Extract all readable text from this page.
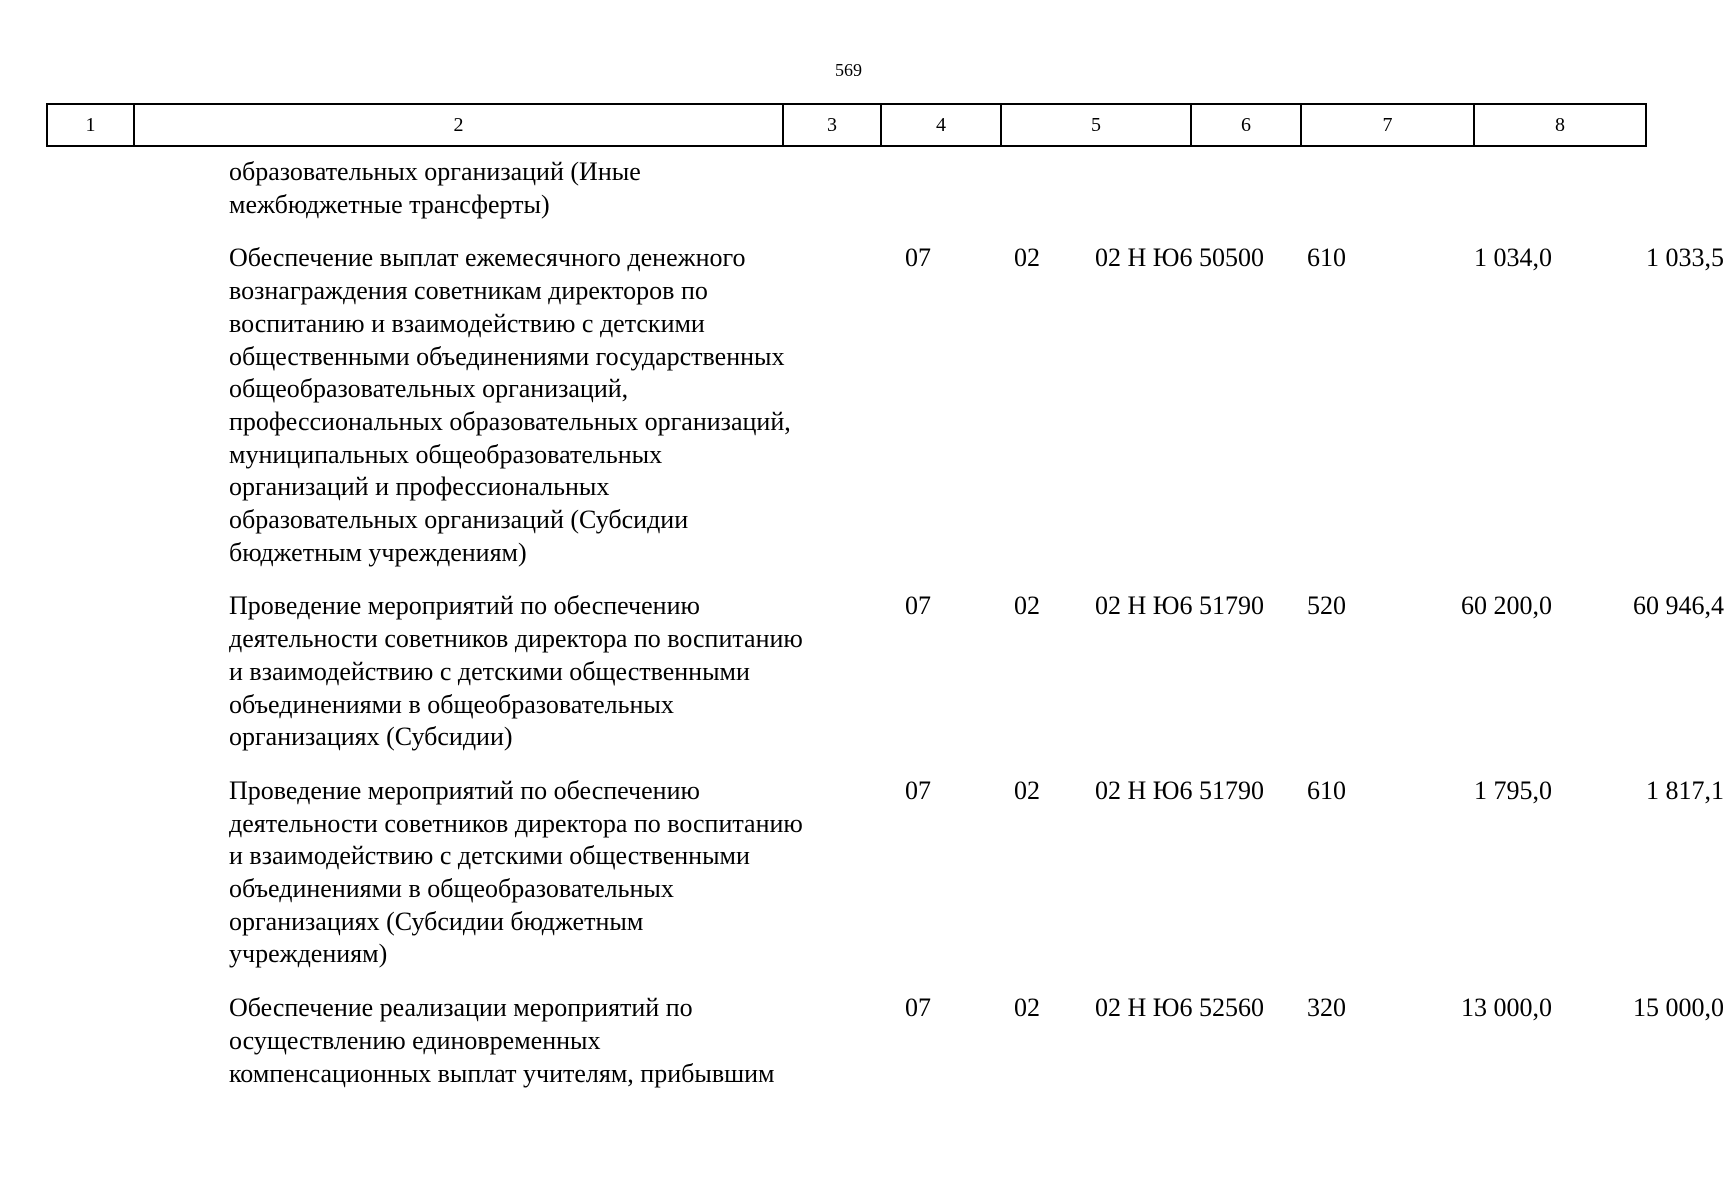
569
1	2	3	4	5	6	7	8
образовательных организаций (Иные
межбюджетные трансферты)
Обеспечение выплат ежемесячного денежного
вознаграждения советникам директоров по
воспитанию и взаимодействию с детскими
общественными объединениями государственных
общеобразовательных организаций,
профессиональных образовательных организаций,
муниципальных общеобразовательных
организаций и профессиональных
образовательных организаций (Субсидии
бюджетным учреждениям)
07	02	02 Н Ю6 50500	610	1 034,0	1 033,5
Проведение мероприятий по обеспечению
деятельности советников директора по воспитанию
и взаимодействию с детскими общественными
объединениями в общеобразовательных
организациях (Субсидии)
07	02	02 Н Ю6 51790	520	60 200,0	60 946,4
Проведение мероприятий по обеспечению
деятельности советников директора по воспитанию
и взаимодействию с детскими общественными
объединениями в общеобразовательных
организациях (Субсидии бюджетным
учреждениям)
07	02	02 Н Ю6 51790	610	1 795,0	1 817,1
Обеспечение реализации мероприятий по
осуществлению единовременных
компенсационных выплат учителям, прибывшим
07	02	02 Н Ю6 52560	320	13 000,0	15 000,0
